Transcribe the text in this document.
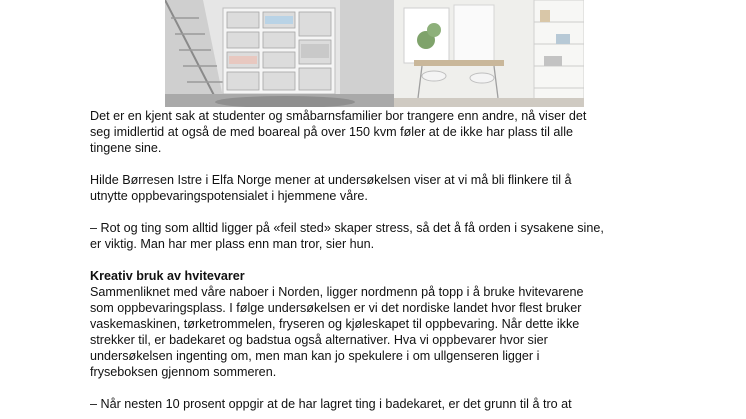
Det er en kjent sak at studenter og småbarnsfamilier bor trangere enn andre, nå viser det
seg imidlertid at også de med boareal på over 150 kvm føler at de ikke har plass til alle
tingene sine.

Hilde Børresen Istre i Elfa Norge mener at undersøkelsen viser at vi må bli flinkere til å
utnytte oppbevaringspotensialet i hjemmene våre.

– Rot og ting som alltid ligger på «feil sted» skaper stress, så det å få orden i sysakene sine,
er viktig. Man har mer plass enn man tror, sier hun.

Kreativ bruk av hvitevarer

Sammenliknet med våre naboer i Norden, ligger nordmenn på topp i å bruke hvitevarene
som oppbevaringsplass. I følge undersøkelsen er vi det nordiske landet hvor flest bruker
vaskemaskinen, tørketrommelen, fryseren og kjøleskapet til oppbevaring. Når dette ikke
strekker til, er badekaret og badstua også alternativer. Hva vi oppbevarer hvor sier
undersøkelsen ingenting om, men man kan jo spekulere i om ullgenseren ligger i
fryseboksen gjennom sommeren.

– Når nesten 10 prosent oppgir at de har lagret ting i badekaret, er det grunn til å tro at
